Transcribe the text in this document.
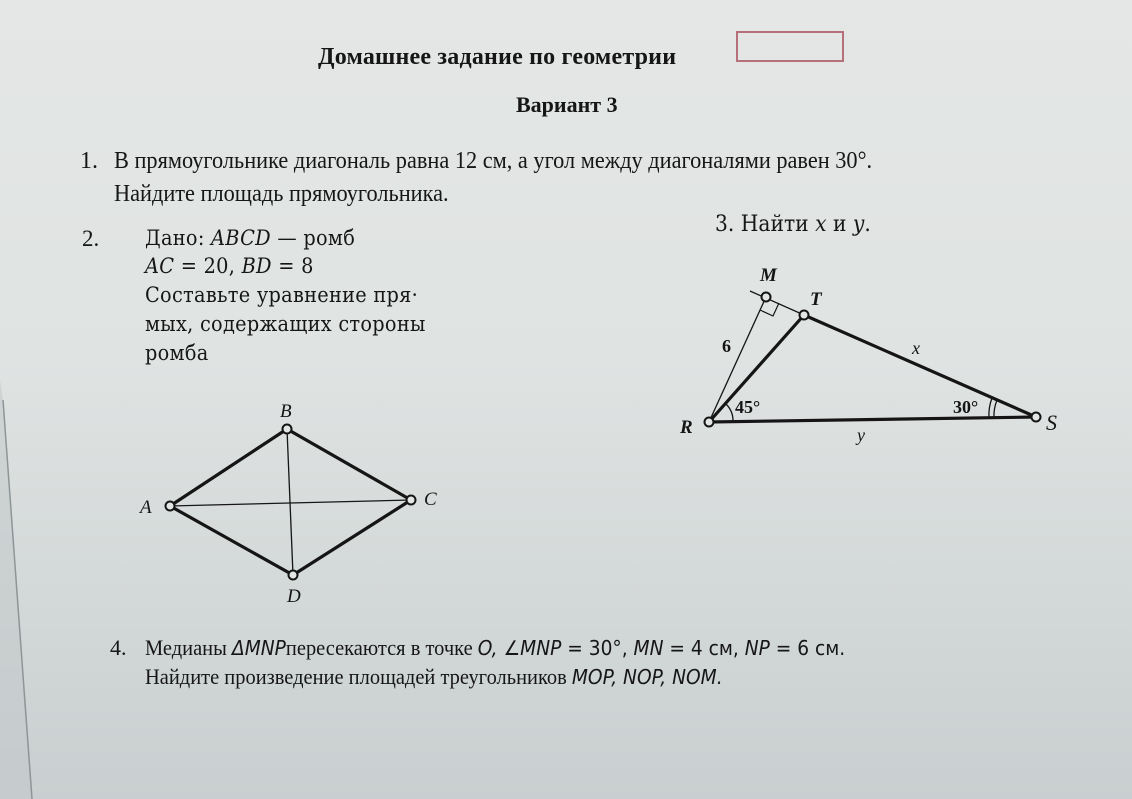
Домашнее задание по геометрии
Вариант 3
1. В прямоугольнике диагональ равна 12 см, а угол между диагоналями равен 30°.
Найдите площадь прямоугольника.
2. Дано: ABCD — ромб
AC = 20, BD = 8
Составьте уравнение пря·
мых, содержащих стороны
ромба
A
B
C
D
3. Найти x и y.
M
T
R	S
6	x
y
45°	30°
4. Медианы ΔMNPпересекаются в точке O, ∠MNP = 30°, MN = 4 см, NP = 6 см.
Найдите произведение площадей треугольников MOP, NOP, NOM.
